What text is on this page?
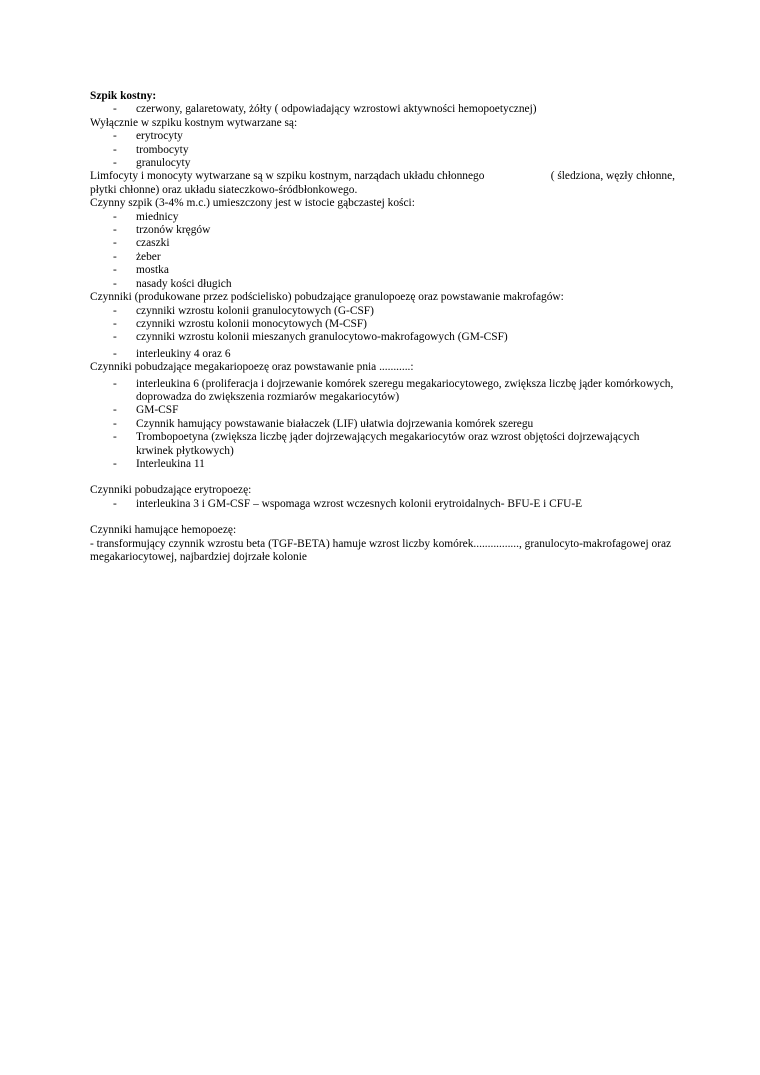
Szpik kostny:
- czerwony, galaretowaty, żółty ( odpowiadający wzrostowi aktywności hemopoetycznej)
Wyłącznie w szpiku kostnym wytwarzane są:
- erytrocyty
- trombocyty
- granulocyty
Limfocyty i monocyty wytwarzane są w szpiku kostnym, narządach układu chłonnego	( śledziona, węzły chłonne,
płytki chłonne) oraz układu siateczkowo-śródbłonkowego.
Czynny szpik (3-4% m.c.) umieszczony jest w istocie gąbczastej kości:
- miednicy
- trzonów kręgów
- czaszki
- żeber
- mostka
- nasady kości długich
Czynniki (produkowane przez podścielisko) pobudzające granulopoezę oraz powstawanie makrofagów:
- czynniki wzrostu kolonii granulocytowych (G-CSF)
- czynniki wzrostu kolonii monocytowych (M-CSF)
- czynniki wzrostu kolonii mieszanych granulocytowo-makrofagowych (GM-CSF)
- interleukiny 4 oraz 6
Czynniki pobudzające megakariopoezę oraz powstawanie pnia ...........:
- interleukina 6 (proliferacja i dojrzewanie komórek szeregu megakariocytowego, zwiększa liczbę jąder komórkowych, doprowadza do zwiększenia rozmiarów megakariocytów)
- GM-CSF
- Czynnik hamujący powstawanie białaczek (LIF) ułatwia dojrzewania komórek szeregu
- Trombopoetyna (zwiększa liczbę jąder dojrzewających megakariocytów oraz wzrost objętości dojrzewających krwinek płytkowych)
- Interleukina 11
Czynniki pobudzające erytropoezę:
- interleukina 3 i GM-CSF – wspomaga wzrost wczesnych kolonii erytroidalnych- BFU-E i CFU-E
Czynniki hamujące hemopoezę:
- transformujący czynnik wzrostu beta (TGF-BETA) hamuje wzrost liczby komórek................, granulocyto-makrofagowej oraz megakariocytowej, najbardziej dojrzałe kolonie
